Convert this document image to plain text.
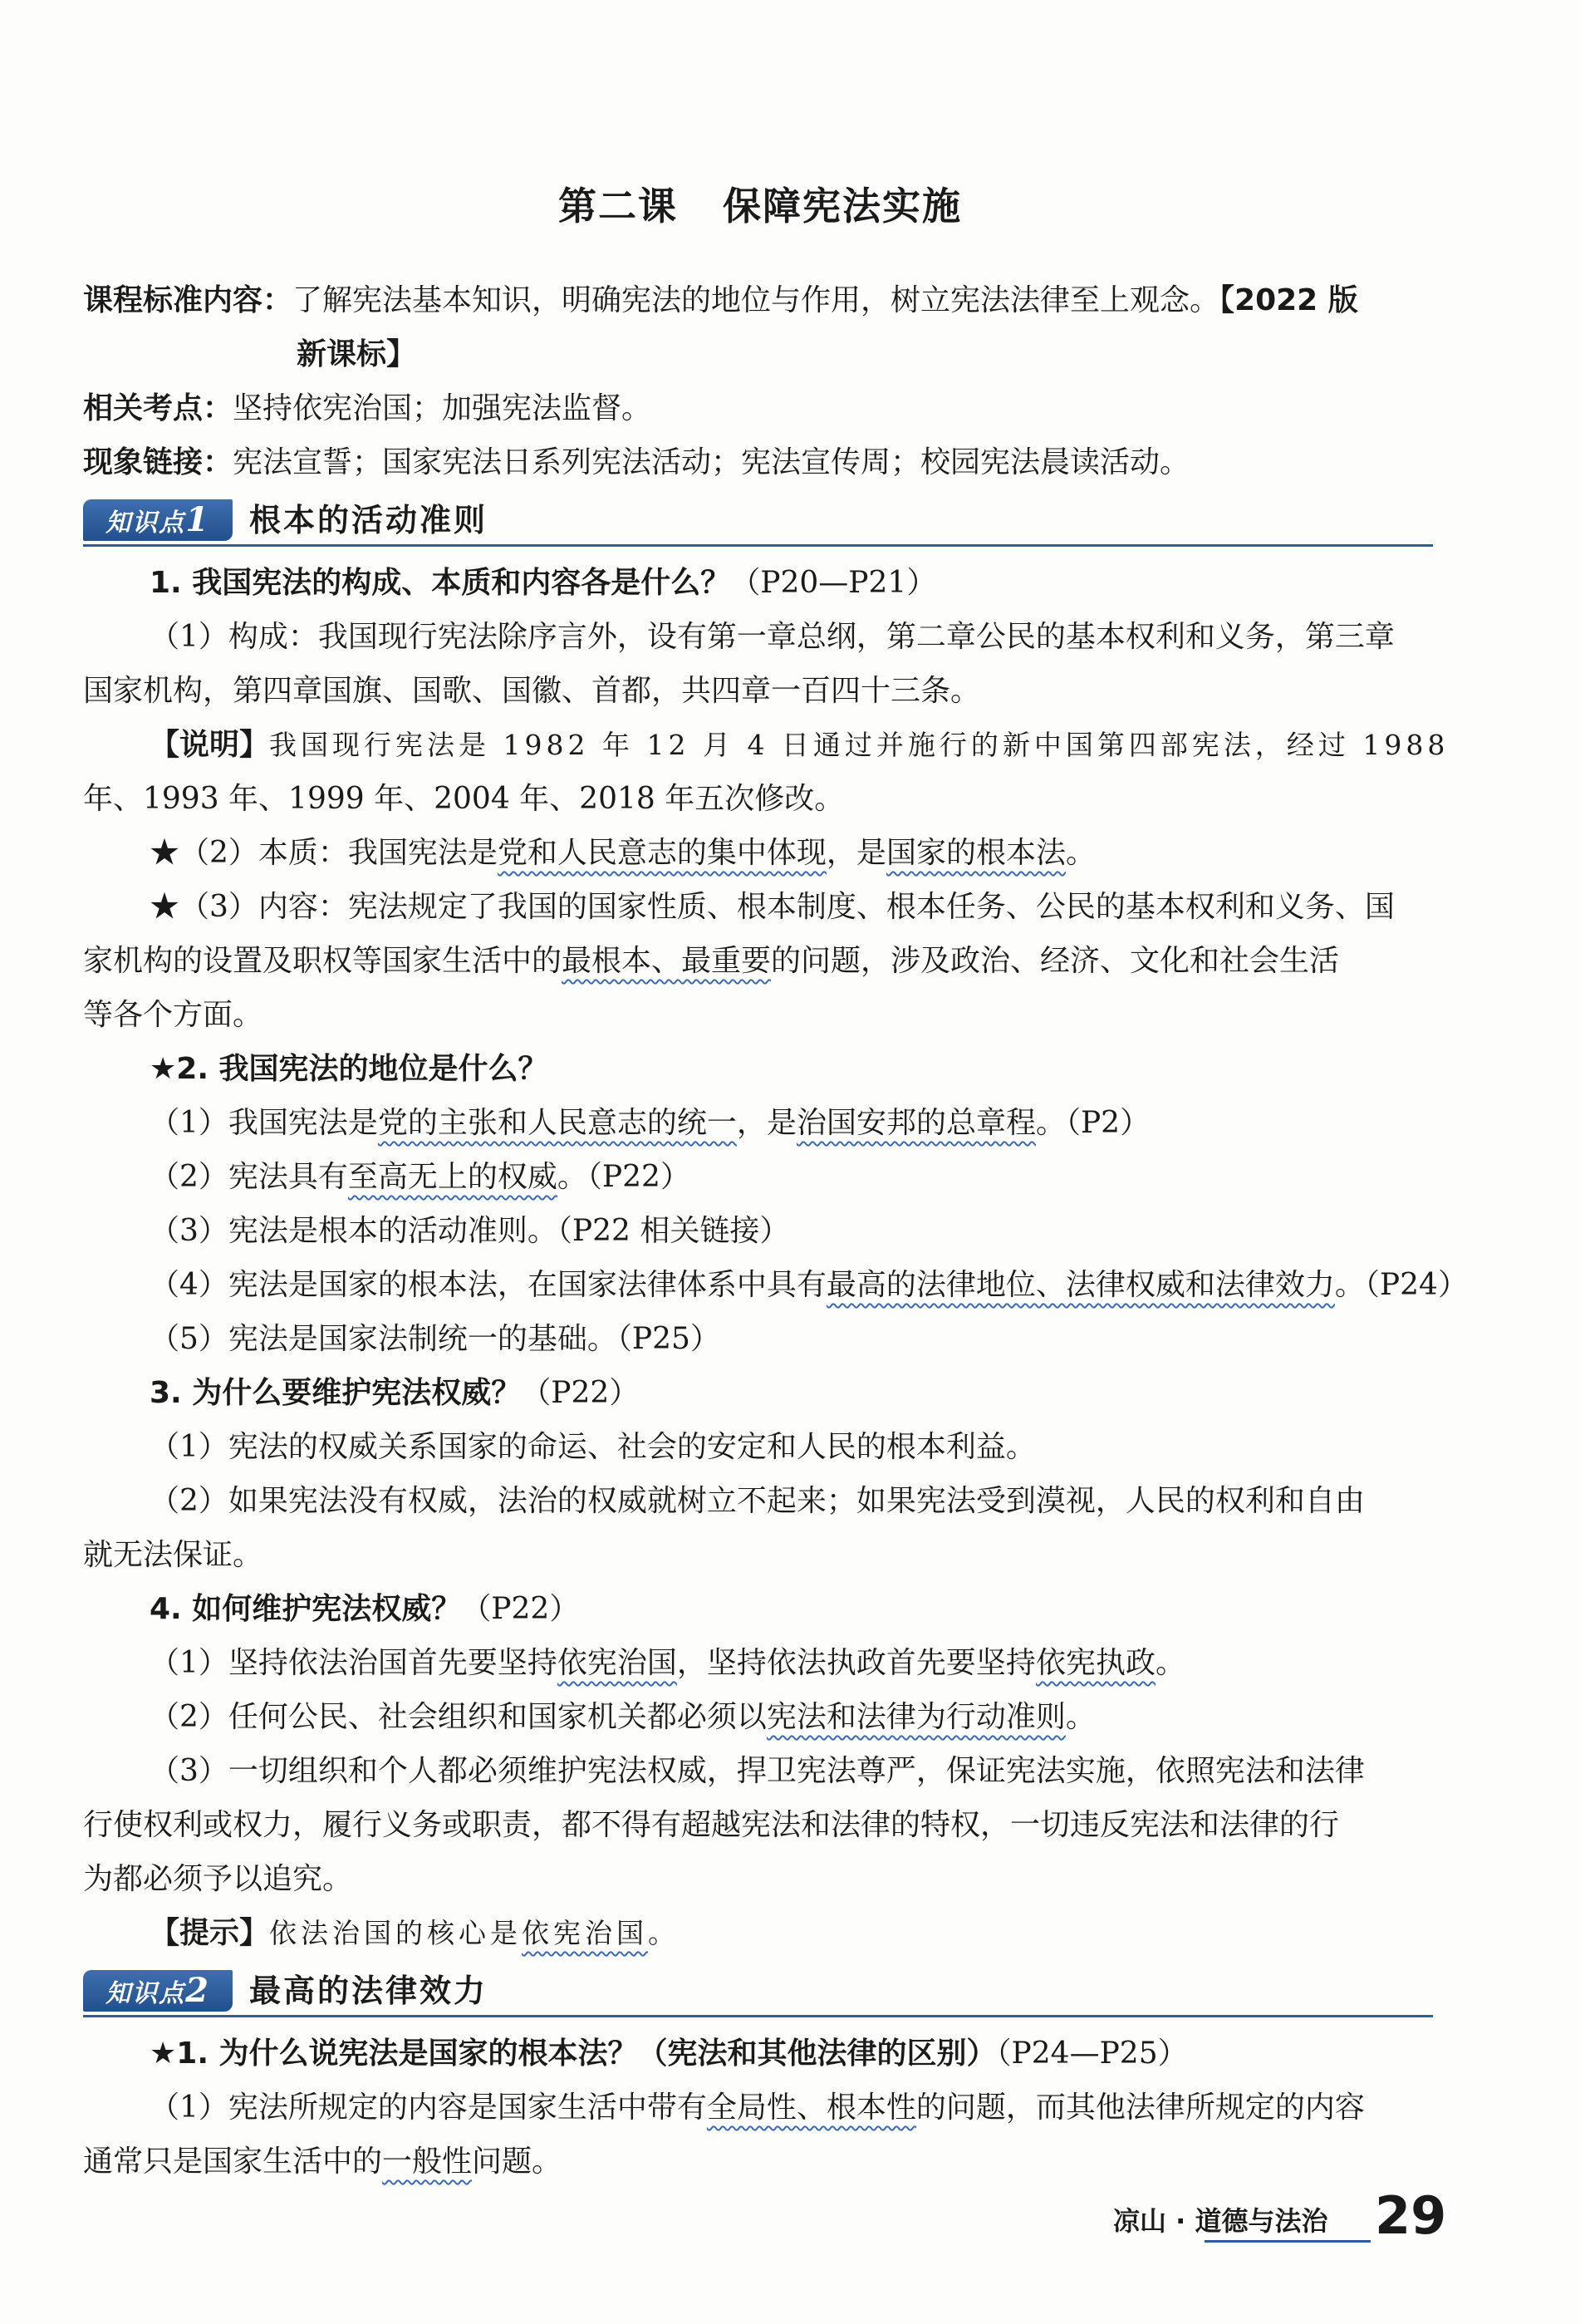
第二课 保障宪法实施
课程标准内容：了解宪法基本知识，明确宪法的地位与作用，树立宪法法律至上观念。【2022 版
新课标】
相关考点：坚持依宪治国；加强宪法监督。
现象链接：宪法宣誓；国家宪法日系列宪法活动；宪法宣传周；校园宪法晨读活动。
知识点1	根本的活动准则
1. 我国宪法的构成、本质和内容各是什么？（P20—P21）
（1）构成：我国现行宪法除序言外，设有第一章总纲，第二章公民的基本权利和义务，第三章
国家机构，第四章国旗、国歌、国徽、首都，共四章一百四十三条。
【说明】我国现行宪法是 1982 年 12 月 4 日通过并施行的新中国第四部宪法，经过 1988
年、1993 年、1999 年、2004 年、2018 年五次修改。
★（2）本质：我国宪法是党和人民意志的集中体现，是国家的根本法。
★（3）内容：宪法规定了我国的国家性质、根本制度、根本任务、公民的基本权利和义务、国
家机构的设置及职权等国家生活中的最根本、最重要的问题，涉及政治、经济、文化和社会生活
等各个方面。
★2. 我国宪法的地位是什么？
（1）我国宪法是党的主张和人民意志的统一，是治国安邦的总章程。（P2）
（2）宪法具有至高无上的权威。（P22）
（3）宪法是根本的活动准则。（P22 相关链接）
（4）宪法是国家的根本法，在国家法律体系中具有最高的法律地位、法律权威和法律效力。（P24）
（5）宪法是国家法制统一的基础。（P25）
3. 为什么要维护宪法权威？（P22）
（1）宪法的权威关系国家的命运、社会的安定和人民的根本利益。
（2）如果宪法没有权威，法治的权威就树立不起来；如果宪法受到漠视，人民的权利和自由
就无法保证。
4. 如何维护宪法权威？（P22）
（1）坚持依法治国首先要坚持依宪治国，坚持依法执政首先要坚持依宪执政。
（2）任何公民、社会组织和国家机关都必须以宪法和法律为行动准则。
（3）一切组织和个人都必须维护宪法权威，捍卫宪法尊严，保证宪法实施，依照宪法和法律
行使权利或权力，履行义务或职责，都不得有超越宪法和法律的特权，一切违反宪法和法律的行
为都必须予以追究。
【提示】依法治国的核心是依宪治国。
知识点2	最高的法律效力
★1. 为什么说宪法是国家的根本法？（宪法和其他法律的区别）（P24—P25）
（1）宪法所规定的内容是国家生活中带有全局性、根本性的问题，而其他法律所规定的内容
通常只是国家生活中的一般性问题。
凉山 · 道德与法治 29
